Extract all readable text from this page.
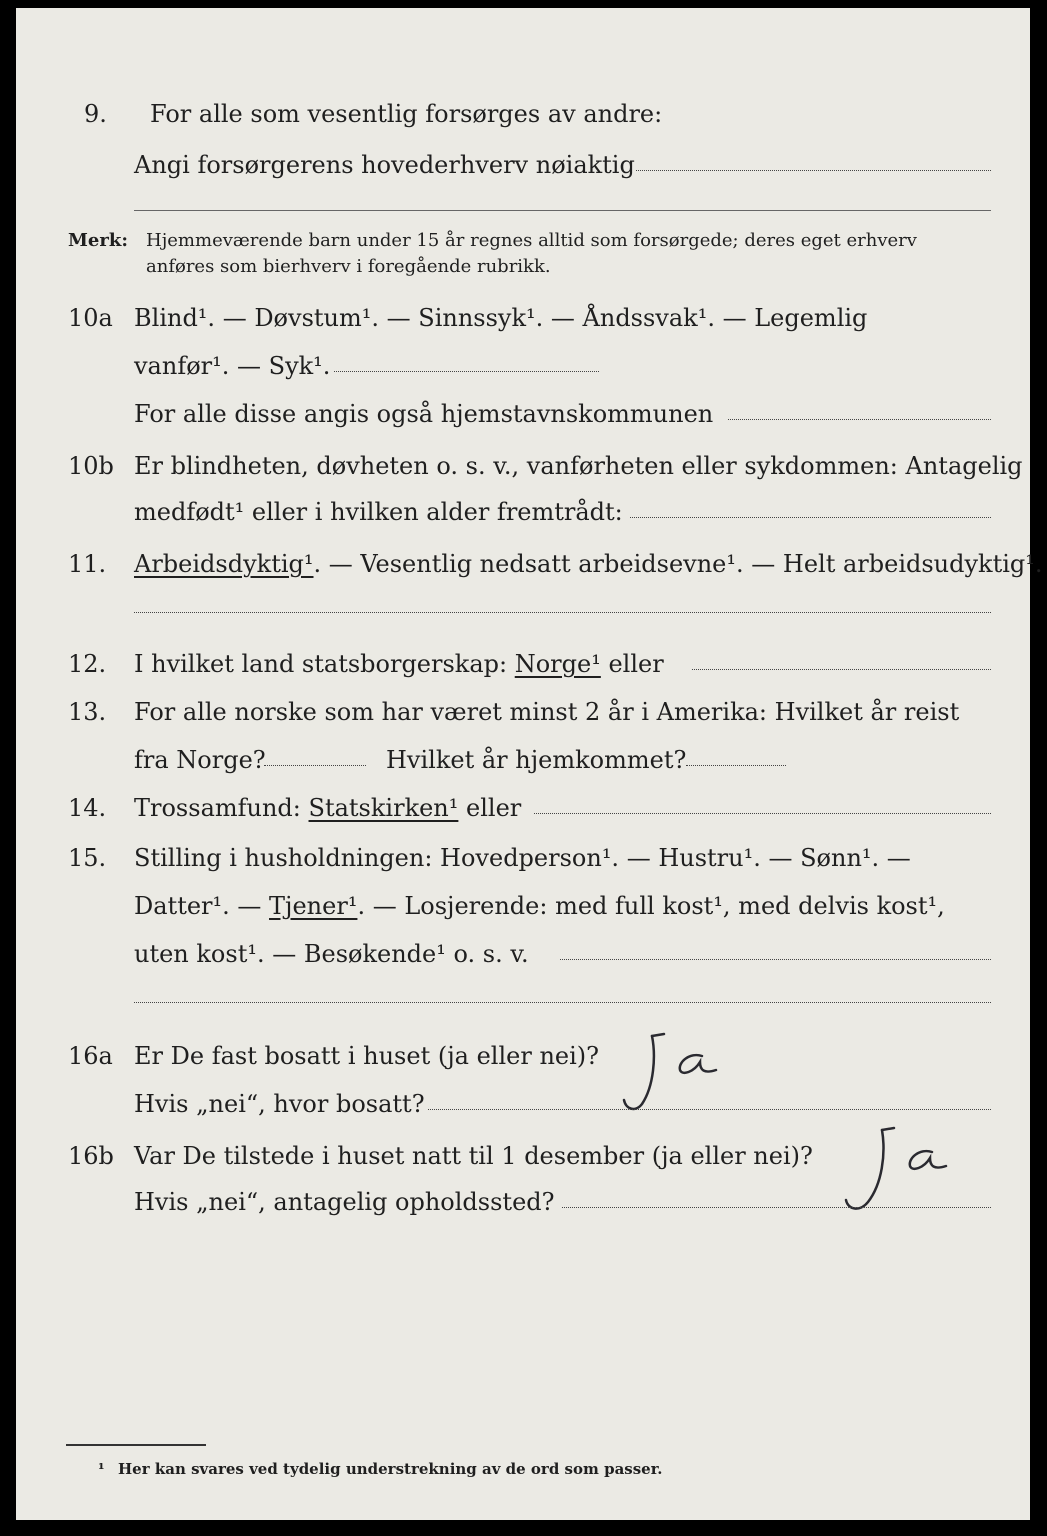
9.	For alle som vesentlig forsørges av andre:
Angi forsørgerens hovederhverv nøiaktig
Merk: Hjemmeværende barn under 15 år regnes alltid som forsørgede; deres eget erhverv
anføres som bierhverv i foregående rubrikk.
10a Blind¹. — Døvstum¹. — Sinnssyk¹. — Åndssvak¹. — Legemlig
vanfør¹. — Syk¹.
For alle disse angis også hjemstavnskommunen
10b Er blindheten, døvheten o. s. v., vanførheten eller sykdommen: Antagelig
medfødt¹ eller i hvilken alder fremtrådt:
11.	Arbeidsdyktig¹. — Vesentlig nedsatt arbeidsevne¹. — Helt arbeidsudyktig¹.
12.	I hvilket land statsborgerskap: Norge¹ eller
13.	For alle norske som har været minst 2 år i Amerika: Hvilket år reist
fra Norge?	Hvilket år hjemkommet?
14.	Trossamfund: Statskirken¹ eller
15.	Stilling i husholdningen: Hovedperson¹. — Hustru¹. — Sønn¹. —
Datter¹. — Tjener¹. — Losjerende: med full kost¹, med delvis kost¹,
uten kost¹. — Besøkende¹ o. s. v.
16a Er De fast bosatt i huset (ja eller nei)?
Hvis „nei“, hvor bosatt?
16b Var De tilstede i huset natt til 1 desember (ja eller nei)?
Hvis „nei“, antagelig opholdssted?
¹ Her kan svares ved tydelig understrekning av de ord som passer.
